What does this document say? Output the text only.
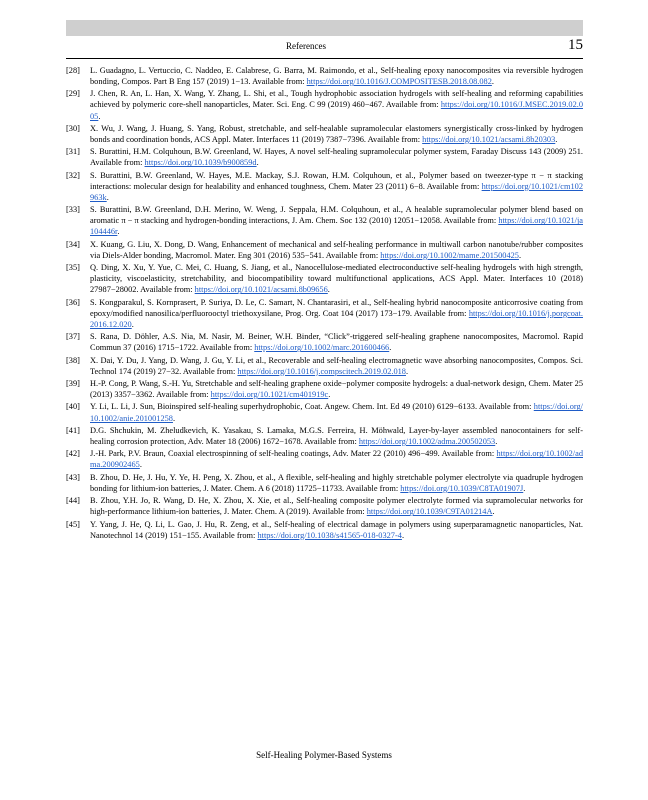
References	15
[28] L. Guadagno, L. Vertuccio, C. Naddeo, E. Calabrese, G. Barra, M. Raimondo, et al., Self-healing epoxy nanocomposites via reversible hydrogen bonding, Compos. Part B Eng 157 (2019) 1−13. Available from: https://doi.org/10.1016/J.COMPOSITESB.2018.08.082.
[29] J. Chen, R. An, L. Han, X. Wang, Y. Zhang, L. Shi, et al., Tough hydrophobic association hydrogels with self-healing and reforming capabilities achieved by polymeric core-shell nanoparticles, Mater. Sci. Eng. C 99 (2019) 460−467. Available from: https://doi.org/10.1016/J.MSEC.2019.02.005.
[30] X. Wu, J. Wang, J. Huang, S. Yang, Robust, stretchable, and self-healable supramolecular elastomers synergistically cross-linked by hydrogen bonds and coordination bonds, ACS Appl. Mater. Interfaces 11 (2019) 7387−7396. Available from: https://doi.org/10.1021/acsami.8b20303.
[31] S. Burattini, H.M. Colquhoun, B.W. Greenland, W. Hayes, A novel self-healing supramolecular polymer system, Faraday Discuss 143 (2009) 251. Available from: https://doi.org/10.1039/b900859d.
[32] S. Burattini, B.W. Greenland, W. Hayes, M.E. Mackay, S.J. Rowan, H.M. Colquhoun, et al., Polymer based on tweezer-type π − π stacking interactions: molecular design for healability and enhanced toughness, Chem. Mater 23 (2011) 6−8. Available from: https://doi.org/10.1021/cm102963k.
[33] S. Burattini, B.W. Greenland, D.H. Merino, W. Weng, J. Seppala, H.M. Colquhoun, et al., A healable supramolecular polymer blend based on aromatic π − π stacking and hydrogen-bonding interactions, J. Am. Chem. Soc 132 (2010) 12051−12058. Available from: https://doi.org/10.1021/ja104446r.
[34] X. Kuang, G. Liu, X. Dong, D. Wang, Enhancement of mechanical and self-healing performance in multiwall carbon nanotube/rubber composites via Diels-Alder bonding, Macromol. Mater. Eng 301 (2016) 535−541. Available from: https://doi.org/10.1002/mame.201500425.
[35] Q. Ding, X. Xu, Y. Yue, C. Mei, C. Huang, S. Jiang, et al., Nanocellulose-mediated electroconductive self-healing hydrogels with high strength, plasticity, viscoelasticity, stretchability, and biocompatibility toward multifunctional applications, ACS Appl. Mater. Interfaces 10 (2018) 27987−28002. Available from: https://doi.org/10.1021/acsami.8b09656.
[36] S. Kongparakul, S. Kornprasert, P. Suriya, D. Le, C. Samart, N. Chantarasiri, et al., Self-healing hybrid nanocomposite anticorrosive coating from epoxy/modified nanosilica/perfluorooctyl triethoxysilane, Prog. Org. Coat 104 (2017) 173−179. Available from: https://doi.org/10.1016/j.porgcoat.2016.12.020.
[37] S. Rana, D. Döhler, A.S. Nia, M. Nasir, M. Beiner, W.H. Binder, “Click”-triggered self-healing graphene nanocomposites, Macromol. Rapid Commun 37 (2016) 1715−1722. Available from: https://doi.org/10.1002/marc.201600466.
[38] X. Dai, Y. Du, J. Yang, D. Wang, J. Gu, Y. Li, et al., Recoverable and self-healing electromagnetic wave absorbing nanocomposites, Compos. Sci. Technol 174 (2019) 27−32. Available from: https://doi.org/10.1016/j.compscitech.2019.02.018.
[39] H.-P. Cong, P. Wang, S.-H. Yu, Stretchable and self-healing graphene oxide−polymer composite hydrogels: a dual-network design, Chem. Mater 25 (2013) 3357−3362. Available from: https://doi.org/10.1021/cm401919c.
[40] Y. Li, L. Li, J. Sun, Bioinspired self-healing superhydrophobic, Coat. Angew. Chem. Int. Ed 49 (2010) 6129−6133. Available from: https://doi.org/10.1002/anie.201001258.
[41] D.G. Shchukin, M. Zheludkevich, K. Yasakau, S. Lamaka, M.G.S. Ferreira, H. Möhwald, Layer-by-layer assembled nanocontainers for self-healing corrosion protection, Adv. Mater 18 (2006) 1672−1678. Available from: https://doi.org/10.1002/adma.200502053.
[42] J.-H. Park, P.V. Braun, Coaxial electrospinning of self-healing coatings, Adv. Mater 22 (2010) 496−499. Available from: https://doi.org/10.1002/adma.200902465.
[43] B. Zhou, D. He, J. Hu, Y. Ye, H. Peng, X. Zhou, et al., A flexible, self-healing and highly stretchable polymer electrolyte via quadruple hydrogen bonding for lithium-ion batteries, J. Mater. Chem. A 6 (2018) 11725−11733. Available from: https://doi.org/10.1039/C8TA01907J.
[44] B. Zhou, Y.H. Jo, R. Wang, D. He, X. Zhou, X. Xie, et al., Self-healing composite polymer electrolyte formed via supramolecular networks for high-performance lithium-ion batteries, J. Mater. Chem. A (2019). Available from: https://doi.org/10.1039/C9TA01214A.
[45] Y. Yang, J. He, Q. Li, L. Gao, J. Hu, R. Zeng, et al., Self-healing of electrical damage in polymers using superparamagnetic nanoparticles, Nat. Nanotechnol 14 (2019) 151−155. Available from: https://doi.org/10.1038/s41565-018-0327-4.
Self-Healing Polymer-Based Systems
